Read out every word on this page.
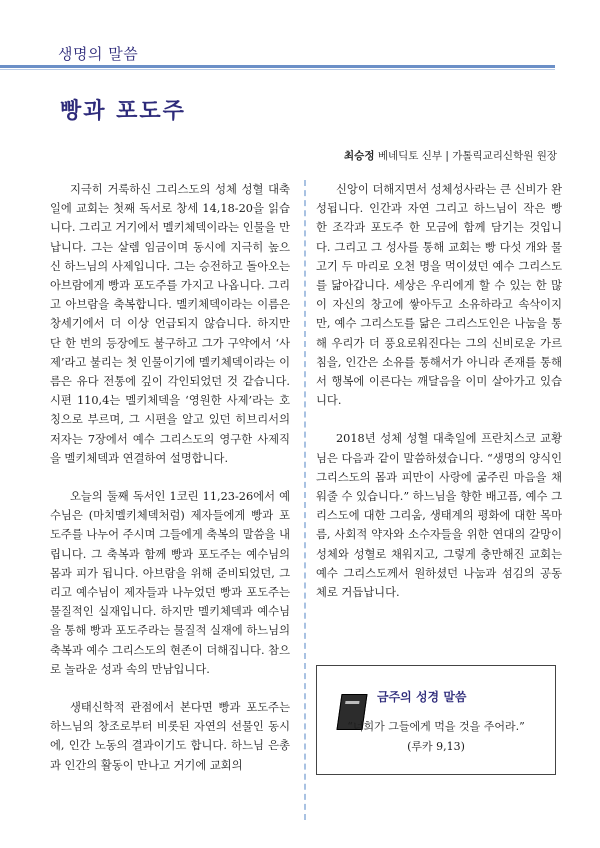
생명의 말씀
빵과 포도주
최승정 베네딕토 신부 | 가톨릭교리신학원 원장

지극히 거룩하신 그리스도의 성체 성혈 대축일에 교회는 첫째 독서로 창세 14,18-20을 읽습니다. 그리고 거기에서 멜키체덱이라는 인물을 만납니다. 그는 살렘 임금이며 동시에 지극히 높으신 하느님의 사제입니다. 그는 승전하고 돌아오는 아브람에게 빵과 포도주를 가지고 나옵니다. 그리고 아브람을 축복합니다. 멜키체덱이라는 이름은 창세기에서 더 이상 언급되지 않습니다. 하지만 단 한 번의 등장에도 불구하고 그가 구약에서 ‘사제’라고 불리는 첫 인물이기에 멜키체덱이라는 이름은 유다 전통에 깊이 각인되었던 것 같습니다. 시편 110,4는 멜키체덱을 ‘영원한 사제’라는 호칭으로 부르며, 그 시편을 알고 있던 히브리서의 저자는 7장에서 예수 그리스도의 영구한 사제직을 멜키체덱과 연결하여 설명합니다.

오늘의 둘째 독서인 1코린 11,23-26에서 예수님은 (마치멜키체덱처럼) 제자들에게 빵과 포도주를 나누어 주시며 그들에게 축복의 말씀을 내립니다. 그 축복과 함께 빵과 포도주는 예수님의 몸과 피가 됩니다. 아브람을 위해 준비되었던, 그리고 예수님이 제자들과 나누었던 빵과 포도주는 물질적인 실재입니다. 하지만 멜키체덱과 예수님을 통해 빵과 포도주라는 물질적 실재에 하느님의 축복과 예수 그리스도의 현존이 더해집니다. 참으로 놀라운 성과 속의 만남입니다.

생태신학적 관점에서 본다면 빵과 포도주는 하느님의 창조로부터 비롯된 자연의 선물인 동시에, 인간 노동의 결과이기도 합니다. 하느님 은총과 인간의 활동이 만나고 거기에 교회의

신앙이 더해지면서 성체성사라는 큰 신비가 완성됩니다. 인간과 자연 그리고 하느님이 작은 빵 한 조각과 포도주 한 모금에 함께 담기는 것입니다. 그리고 그 성사를 통해 교회는 빵 다섯 개와 물고기 두 마리로 오천 명을 먹이셨던 예수 그리스도를 닮아갑니다. 세상은 우리에게 할 수 있는 한 많이 자신의 창고에 쌓아두고 소유하라고 속삭이지만, 예수 그리스도를 닮은 그리스도인은 나눔을 통해 우리가 더 풍요로워진다는 그의 신비로운 가르침을, 인간은 소유를 통해서가 아니라 존재를 통해서 행복에 이른다는 깨달음을 이미 살아가고 있습니다.

2018년 성체 성혈 대축일에 프란치스코 교황님은 다음과 같이 말씀하셨습니다. “생명의 양식인 그리스도의 몸과 피만이 사랑에 굶주린 마음을 채워줄 수 있습니다.” 하느님을 향한 배고픔, 예수 그리스도에 대한 그리움, 생태계의 평화에 대한 목마름, 사회적 약자와 소수자들을 위한 연대의 갈망이 성체와 성혈로 채워지고, 그렇게 충만해진 교회는 예수 그리스도께서 원하셨던 나눔과 섬김의 공동체로 거듭납니다.

금주의 성경 말씀
“너희가 그들에게 먹을 것을 주어라.”
(루카 9,13)
